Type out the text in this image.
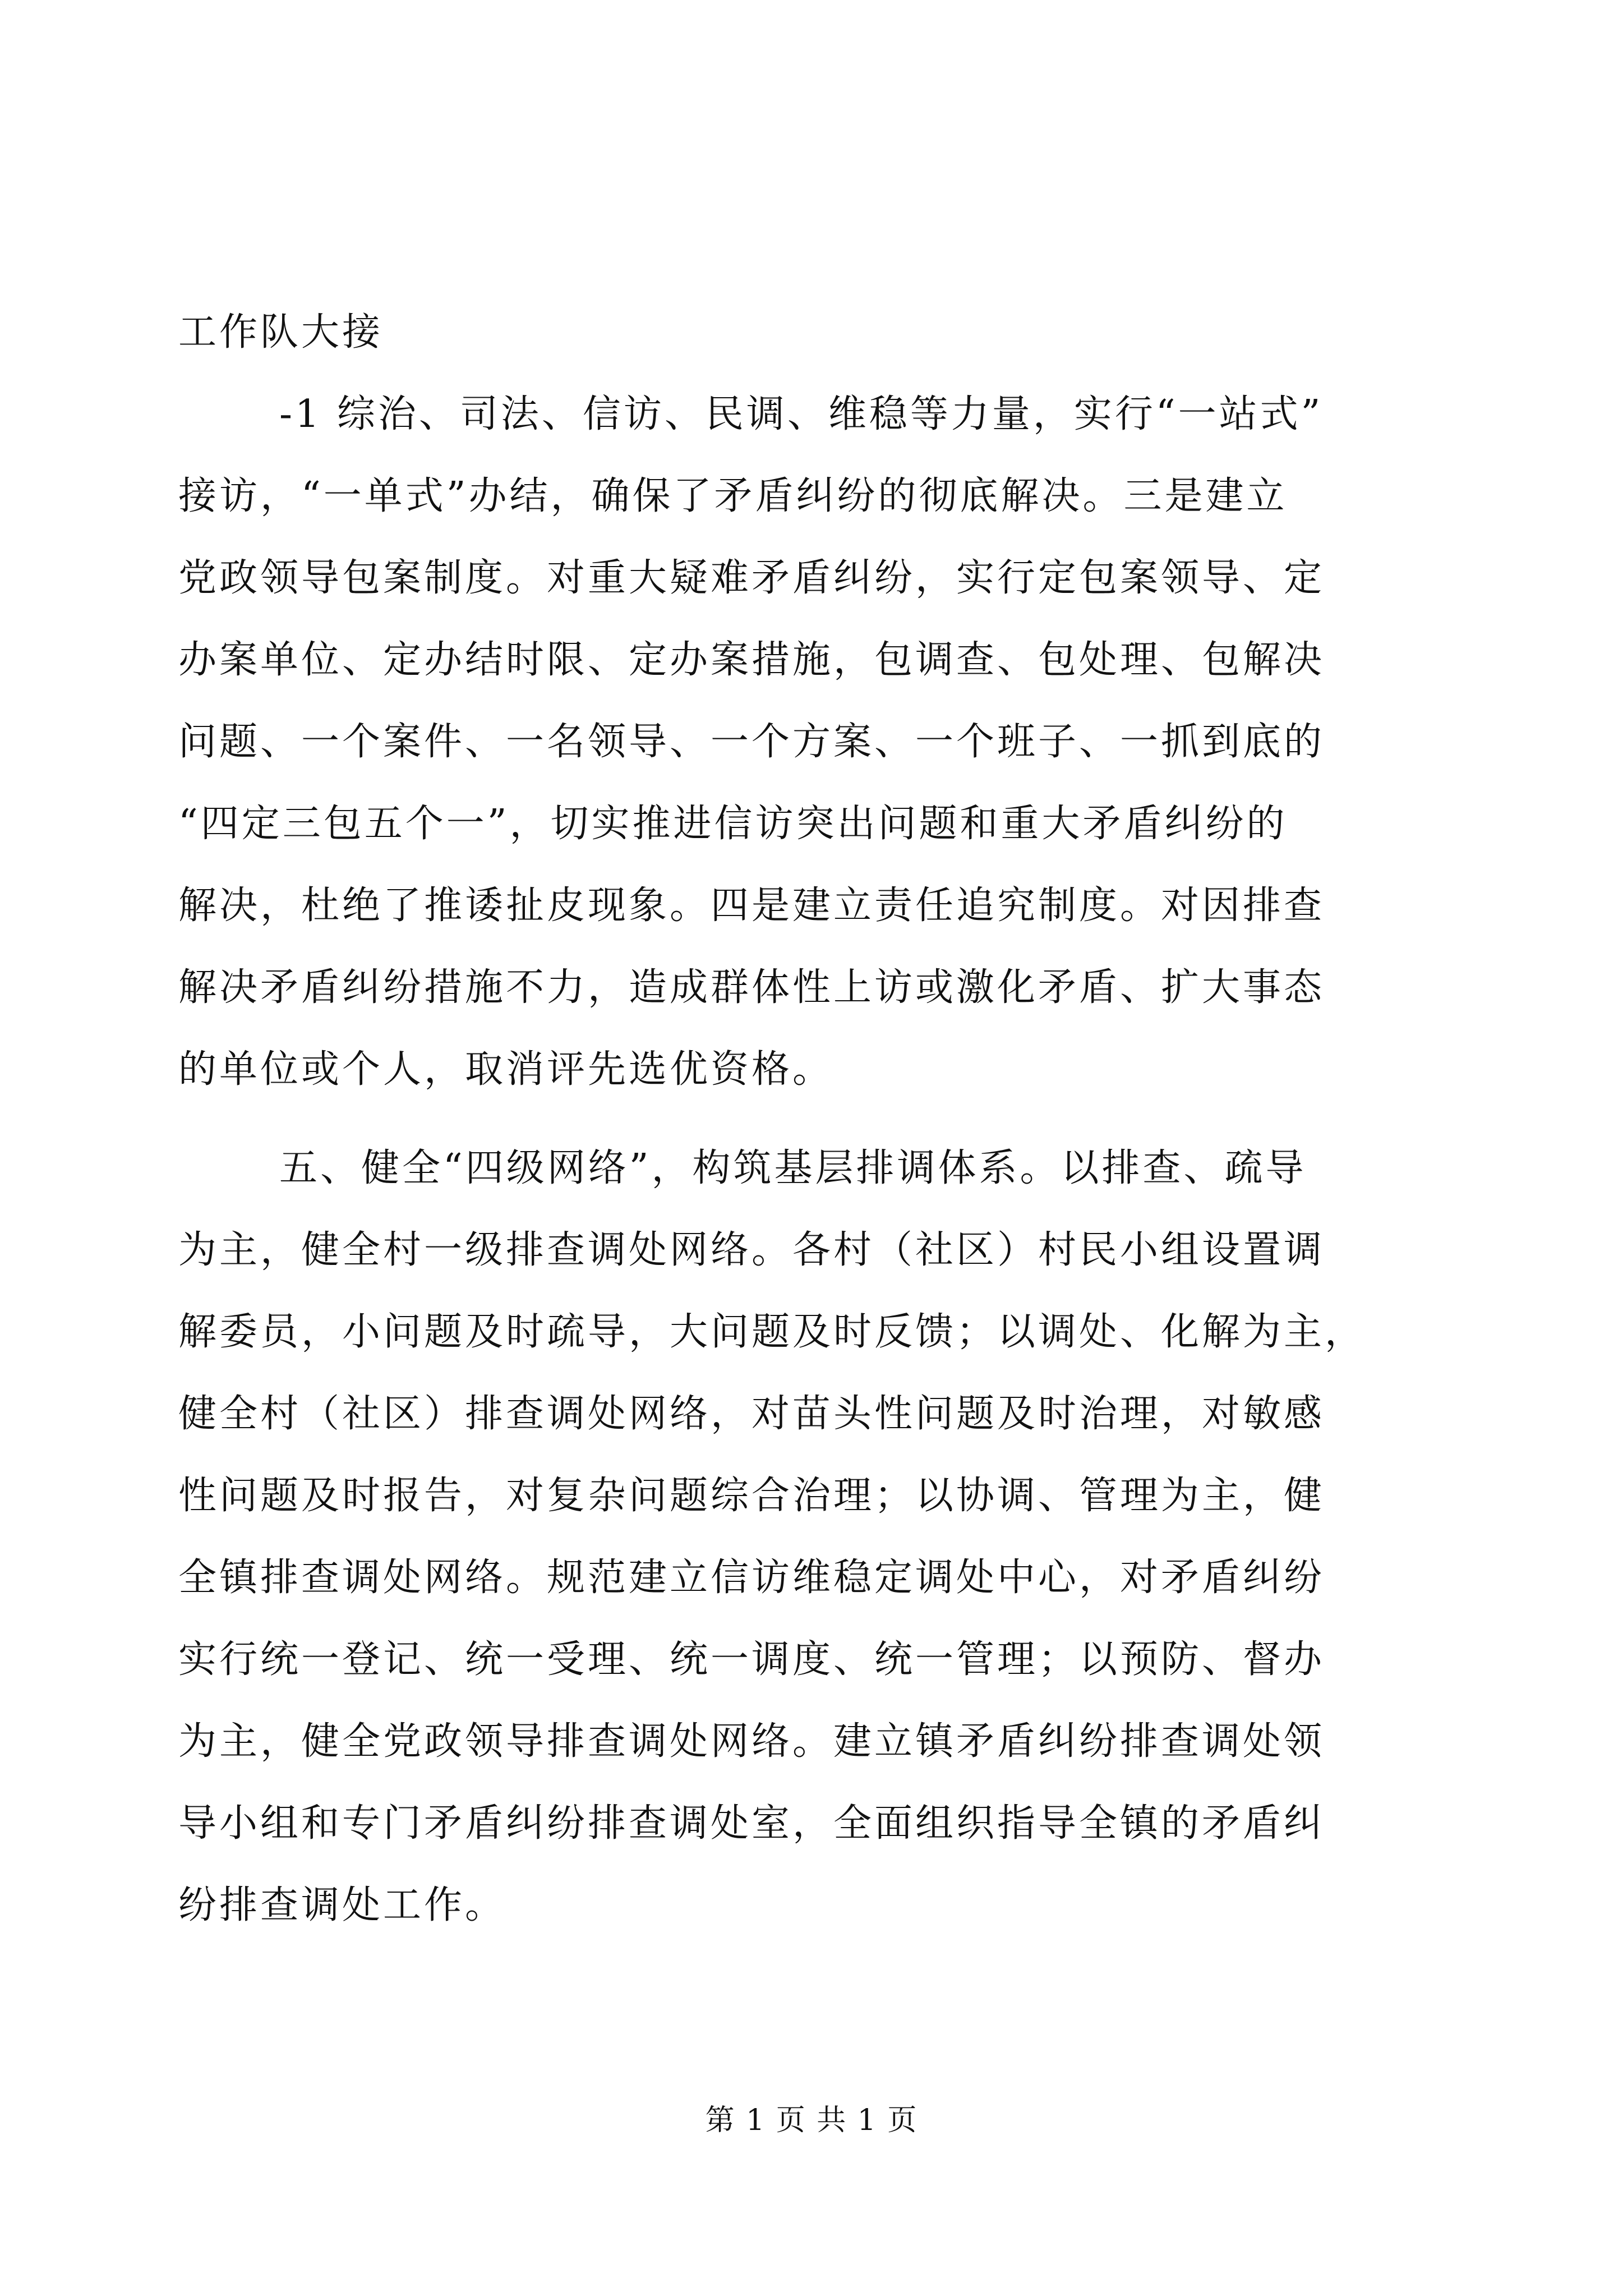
工作队大接
-1 综治、司法、信访、民调、维稳等力量，实行“一站式”
接访，“一单式”办结，确保了矛盾纠纷的彻底解决。三是建立
党政领导包案制度。对重大疑难矛盾纠纷，实行定包案领导、定
办案单位、定办结时限、定办案措施，包调查、包处理、包解决
问题、一个案件、一名领导、一个方案、一个班子、一抓到底的
“四定三包五个一”，切实推进信访突出问题和重大矛盾纠纷的
解决，杜绝了推诿扯皮现象。四是建立责任追究制度。对因排查
解决矛盾纠纷措施不力，造成群体性上访或激化矛盾、扩大事态
的单位或个人，取消评先选优资格。
五、健全“四级网络”，构筑基层排调体系。以排查、疏导
为主，健全村一级排查调处网络。各村（社区）村民小组设置调
解委员，小问题及时疏导，大问题及时反馈；以调处、化解为主，
健全村（社区）排查调处网络，对苗头性问题及时治理，对敏感
性问题及时报告，对复杂问题综合治理；以协调、管理为主，健
全镇排查调处网络。规范建立信访维稳定调处中心，对矛盾纠纷
实行统一登记、统一受理、统一调度、统一管理；以预防、督办
为主，健全党政领导排查调处网络。建立镇矛盾纠纷排查调处领
导小组和专门矛盾纠纷排查调处室，全面组织指导全镇的矛盾纠
纷排查调处工作。
第 1 页 共 1 页
